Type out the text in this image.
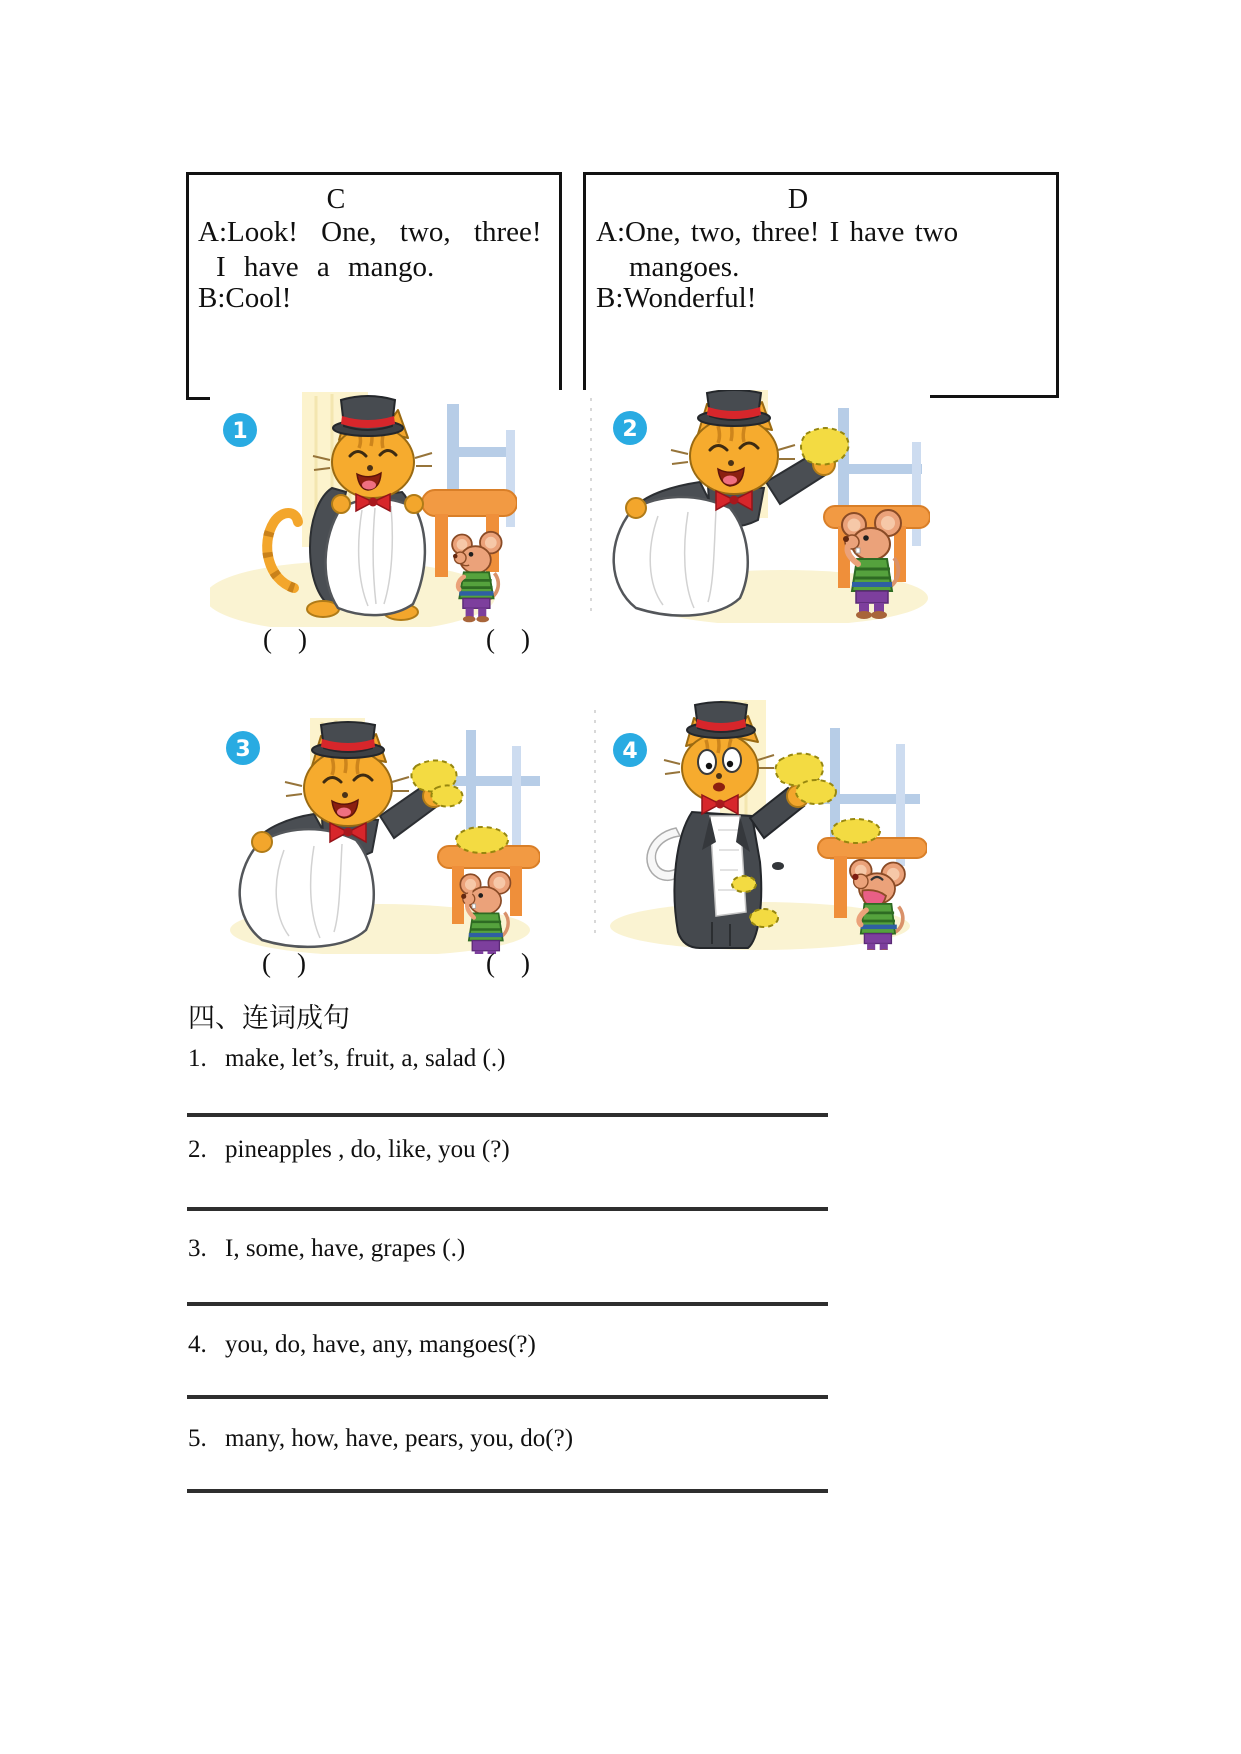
C
A:Look! One, two, three!
I have a mango.
B:Cool!
D
A:One, two, three! I have two
mangoes.
B:Wonderful!
1	2
( )	( )
3	4
( )	( )
四、连词成句
1. make, let’s, fruit, a, salad (.)
2. pineapples , do, like, you (?)
3. I, some, have, grapes (.)
4. you, do, have, any, mangoes(?)
5. many, how, have, pears, you, do(?)
